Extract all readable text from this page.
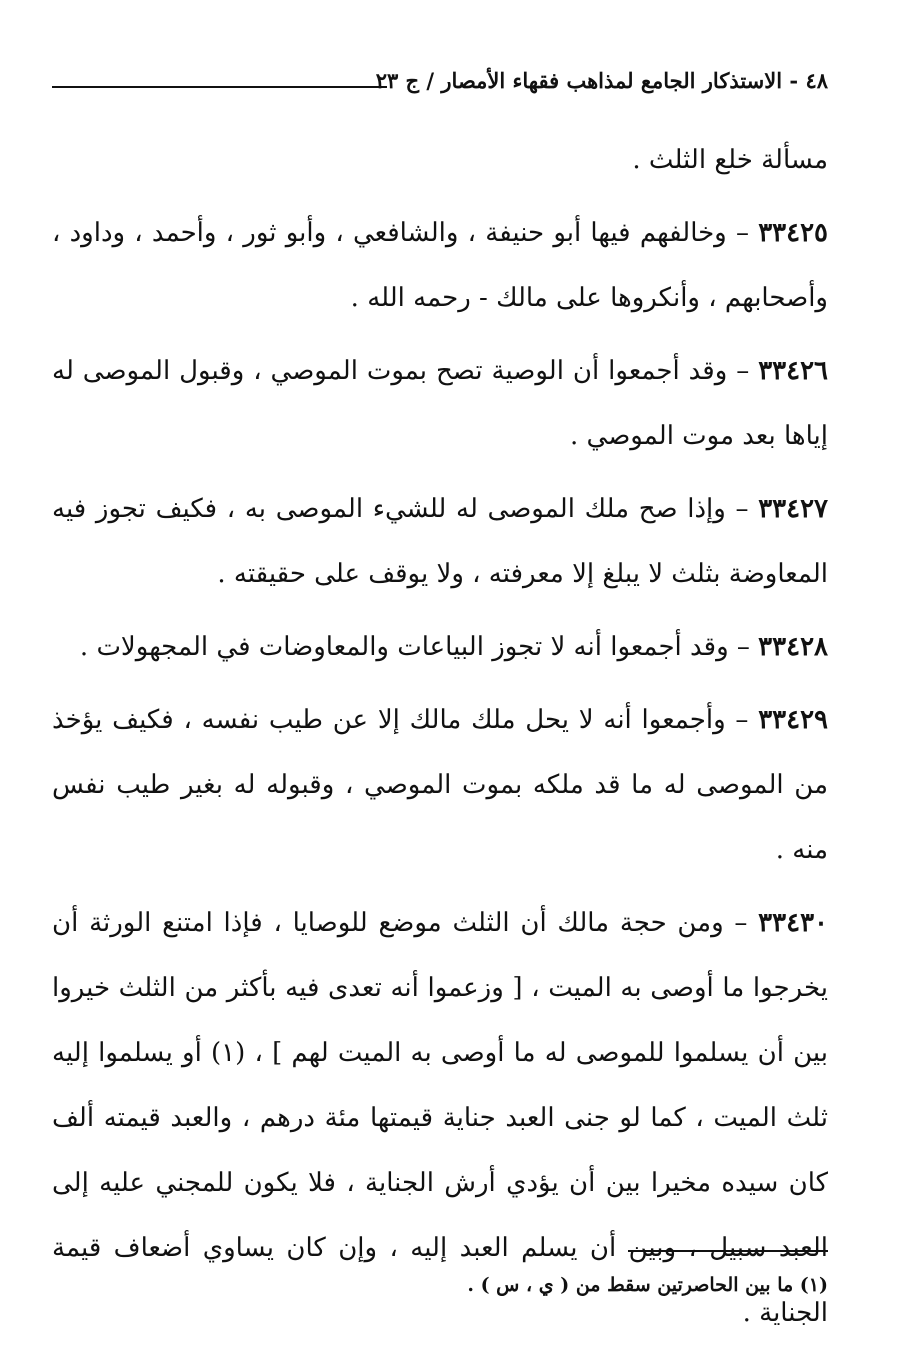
٤٨ - الاستذكار الجامع لمذاهب فقهاء الأمصار / ج ٢٣

مسألة خلع الثلث .

٣٣٤٢٥ – وخالفهم فيها أبو حنيفة ، والشافعي ، وأبو ثور ، وأحمد ، وداود ، وأصحابهم ، وأنكروها على مالك - رحمه الله .

٣٣٤٢٦ – وقد أجمعوا أن الوصية تصح بموت الموصي ، وقبول الموصى له إياها بعد موت الموصي .

٣٣٤٢٧ – وإذا صح ملك الموصى له للشيء الموصى به ، فكيف تجوز فيه المعاوضة بثلث لا يبلغ إلا معرفته ، ولا يوقف على حقيقته .

٣٣٤٢٨ – وقد أجمعوا أنه لا تجوز البياعات والمعاوضات في المجهولات .

٣٣٤٢٩ – وأجمعوا أنه لا يحل ملك مالك إلا عن طيب نفسه ، فكيف يؤخذ من الموصى له ما قد ملكه بموت الموصي ، وقبوله له بغير طيب نفس منه .

٣٣٤٣٠ – ومن حجة مالك أن الثلث موضع للوصايا ، فإذا امتنع الورثة أن يخرجوا ما أوصى به الميت ، [ وزعموا أنه تعدى فيه بأكثر من الثلث خيروا بين أن يسلموا للموصى له ما أوصى به الميت لهم ] ، (١) أو يسلموا إليه ثلث الميت ، كما لو جنى العبد جناية قيمتها مئة درهم ، والعبد قيمته ألف كان سيده مخيرا بين أن يؤدي أرش الجناية ، فلا يكون للمجني عليه إلى العبد سبيل ، وبين أن يسلم العبد إليه ، وإن كان يساوي أضعاف قيمة الجناية .

(١) ما بين الحاصرتين سقط من ( ي ، س ) .
